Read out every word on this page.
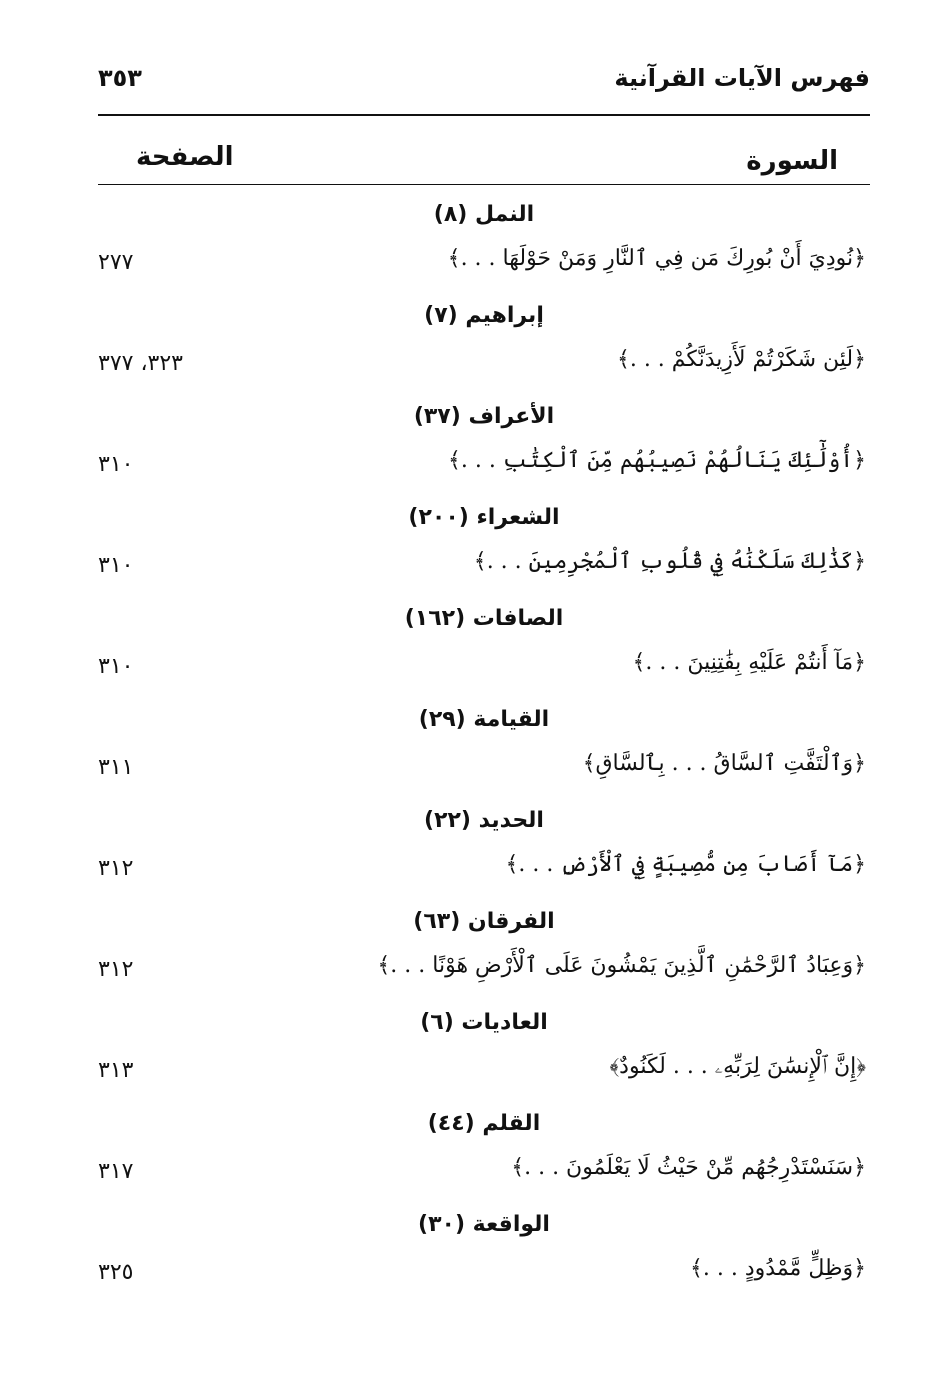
٣٥٣	فهرس الآيات القرآنية
الصفحة	السورة
النمل (٨)
﴿نُودِيَ أَنْ بُورِكَ مَن فِي ٱلنَّارِ وَمَنْ حَوْلَهَا . . .﴾
٢٧٧
إبراهيم (٧)
﴿لَئِن شَكَرْتُمْ لَأَزِيدَنَّكُمْ . . .﴾
٣٢٣، ٣٧٧
الأعراف (٣٧)
﴿أُوْلَٰٓئِكَ يَنَالُهُمْ نَصِيبُهُم مِّنَ ٱلْكِتَٰبِ . . .﴾
٣١٠
الشعراء (٢٠٠)
﴿كَذَٰلِكَ سَلَكْنَٰهُ فِي قُلُوبِ ٱلْمُجْرِمِينَ . . .﴾
٣١٠
الصافات (١٦٢)
﴿مَآ أَنتُمْ عَلَيْهِ بِفَٰتِنِينَ . . .﴾
٣١٠
القيامة (٢٩)
﴿وَٱلْتَفَّتِ ٱلسَّاقُ . . . بِٱلسَّاقِ﴾
٣١١
الحديد (٢٢)
﴿مَآ أَصَابَ مِن مُّصِيبَةٍ فِي ٱلْأَرْضِ . . .﴾
٣١٢
الفرقان (٦٣)
﴿وَعِبَادُ ٱلرَّحْمَٰنِ ٱلَّذِينَ يَمْشُونَ عَلَى ٱلْأَرْضِ هَوْنًا . . .﴾
٣١٢
العاديات (٦)
﴿إِنَّ ٱلْإِنسَٰنَ لِرَبِّهِۦ . . . لَكَنُودٌ﴾
٣١٣
القلم (٤٤)
﴿سَنَسْتَدْرِجُهُم مِّنْ حَيْثُ لَا يَعْلَمُونَ . . .﴾
٣١٧
الواقعة (٣٠)
﴿وَظِلٍّ مَّمْدُودٍ . . .﴾
٣٢٥
